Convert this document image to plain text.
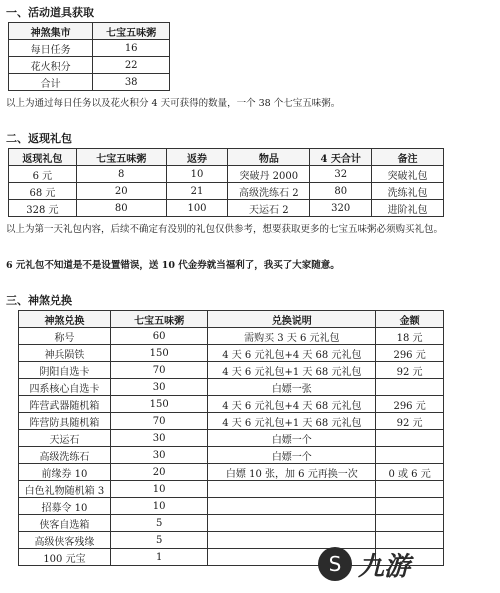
一、活动道具获取
神煞集市	七宝五味粥
每日任务	16
花火积分	22
合计	38
以上为通过每日任务以及花火积分 4 天可获得的数量，一个 38 个七宝五味粥。
二、返现礼包
返现礼包	七宝五味粥	返券	物品	4 天合计	备注
6 元	8	10	突破丹 2000	32	突破礼包
68 元	20	21	高级洗练石 2	80	洗练礼包
328 元	80	100	天运石 2	320	进阶礼包
以上为第一天礼包内容，后续不确定有没别的礼包仅供参考，想要获取更多的七宝五味粥必须购买礼包。
6 元礼包不知道是不是设置错误，送 10 代金券就当福利了，我买了大家随意。
三、神煞兑换
神煞兑换	七宝五味粥	兑换说明	金额
称号	60	需购买 3 天 6 元礼包	18 元
神兵陨铁	150	4 天 6 元礼包+4 天 68 元礼包	296 元
阴阳自选卡	70	4 天 6 元礼包+1 天 68 元礼包	92 元
四系核心自选卡	30	白嫖一张	
阵营武器随机箱	150	4 天 6 元礼包+4 天 68 元礼包	296 元
阵营防具随机箱	70	4 天 6 元礼包+1 天 68 元礼包	92 元
天运石	30	白嫖一个	
高级洗练石	30	白嫖一个	
前缘券 10	20	白嫖 10 张，加 6 元再换一次	0 或 6 元
白色礼物随机箱 3	10		
招募令 10	10		
侠客自选箱	5		
高级侠客残缘	5		
100 元宝	1			S 九游
